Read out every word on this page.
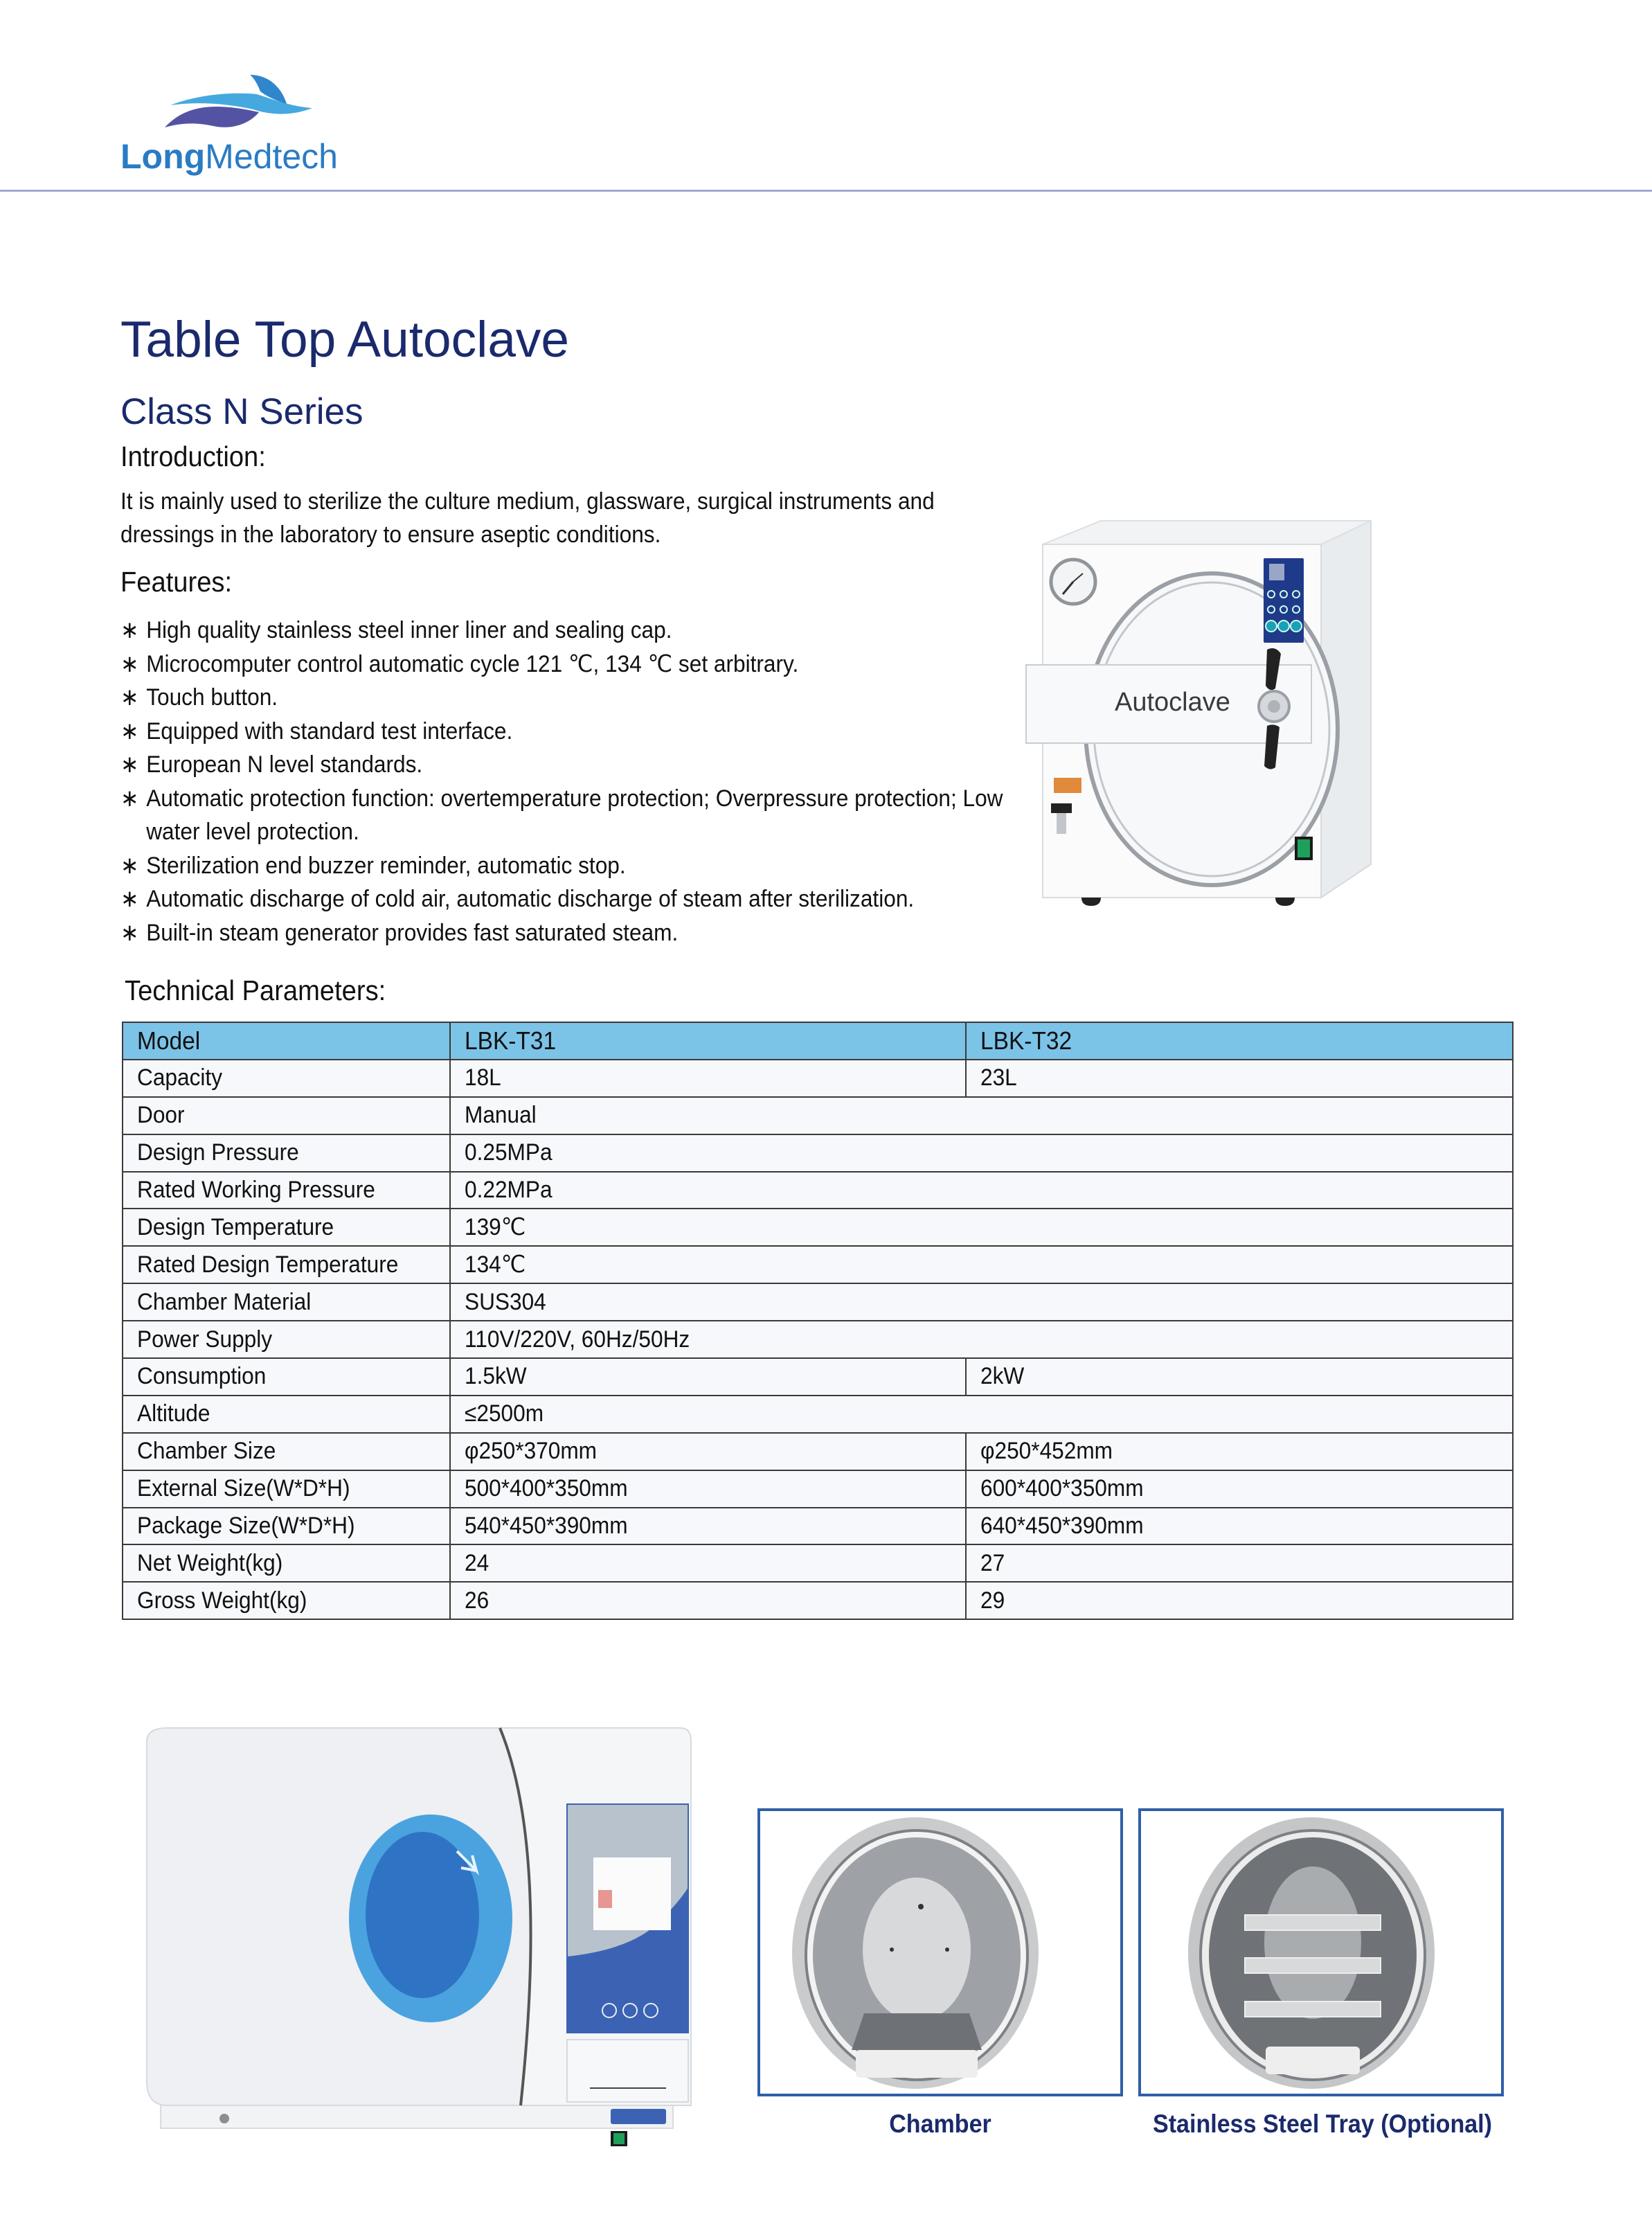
LongMedtech
Table Top Autoclave
Class N Series
Introduction:
It is mainly used to sterilize the culture medium, glassware, surgical instruments and dressings in the laboratory to ensure aseptic conditions.
Features:
∗ High quality stainless steel inner liner and sealing cap.
∗ Microcomputer control automatic cycle 121 ℃, 134 ℃ set arbitrary.
∗ Touch button.
∗ Equipped with standard test interface.
∗ European N level standards.
∗ Automatic protection function: overtemperature protection; Overpressure protection; Low water level protection.
∗ Sterilization end buzzer reminder, automatic stop.
∗ Automatic discharge of cold air, automatic discharge of steam after sterilization.
∗ Built-in steam generator provides fast saturated steam.
Autoclave
Technical Parameters:
Model	LBK-T31	LBK-T32
Capacity	18L	23L
Door	Manual	
Design Pressure	0.25MPa	
Rated Working Pressure	0.22MPa	
Design Temperature	139℃	
Rated Design Temperature	134℃	
Chamber Material	SUS304	
Power Supply	110V/220V, 60Hz/50Hz	
Consumption	1.5kW	2kW
Altitude	≤2500m	
Chamber Size	φ250*370mm	φ250*452mm
External Size(W*D*H)	500*400*350mm	600*400*350mm
Package Size(W*D*H)	540*450*390mm	640*450*390mm
Net Weight(kg)	24	27
Gross Weight(kg)	26	29
Chamber	Stainless Steel Tray (Optional)
